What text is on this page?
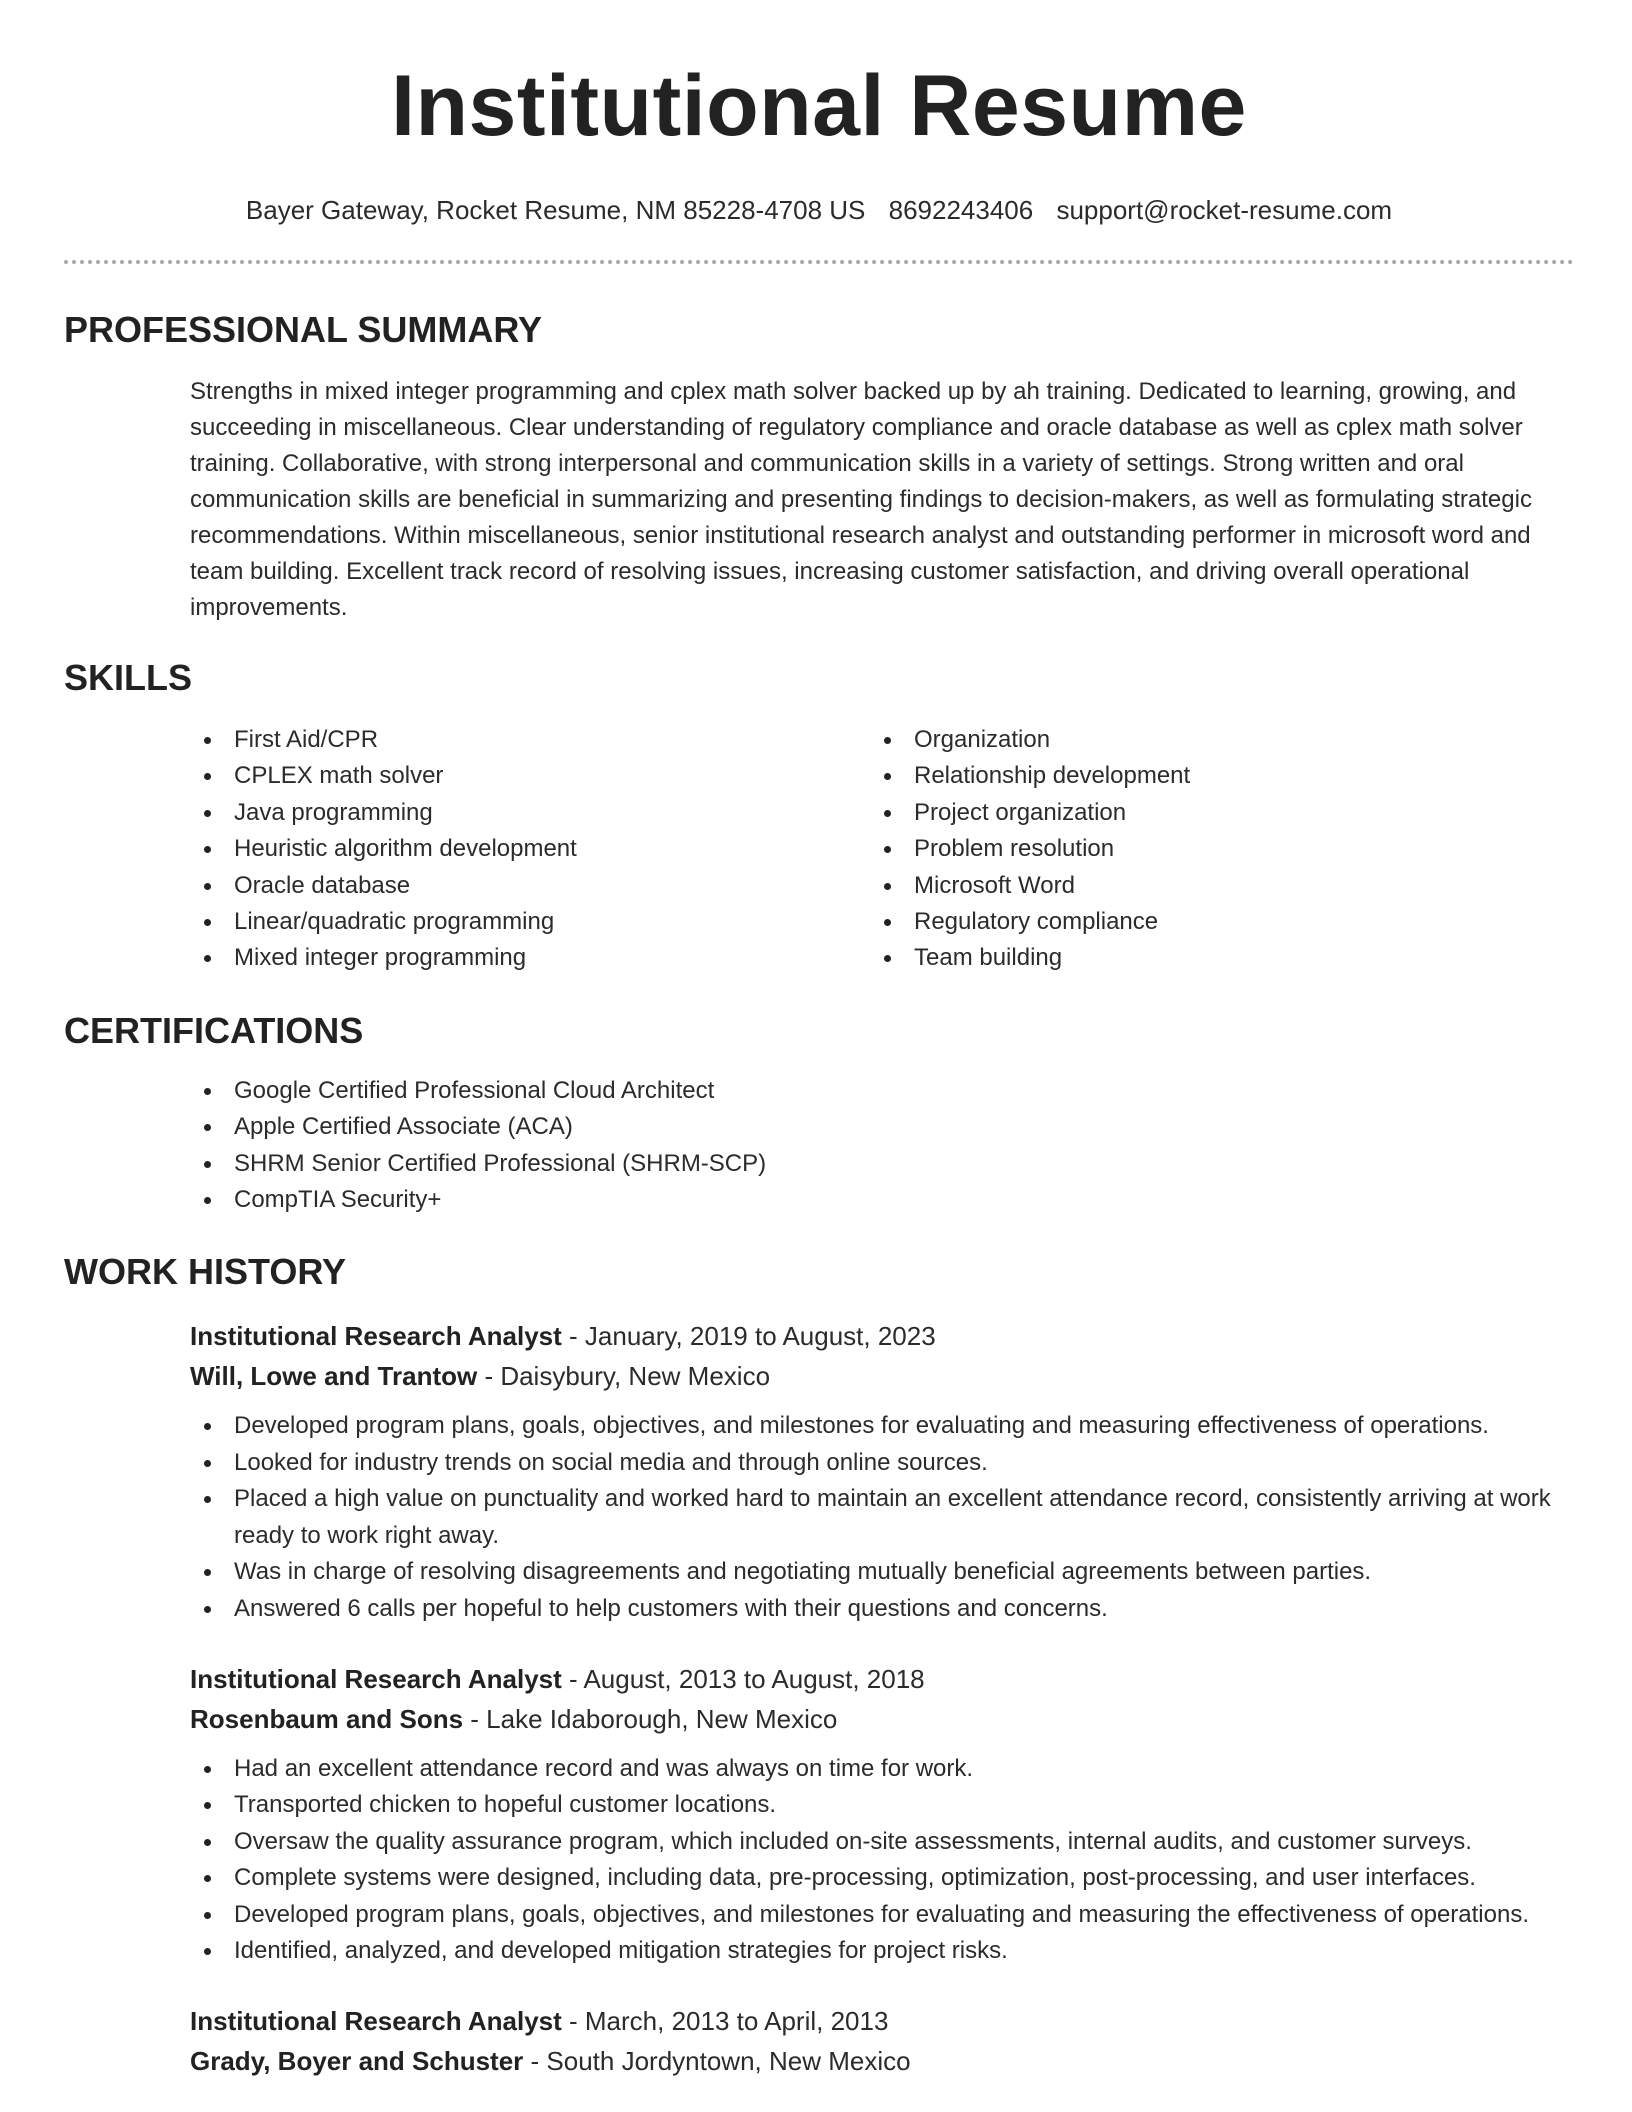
Institutional Resume
Bayer Gateway, Rocket Resume, NM 85228-4708 US 8692243406 support@rocket-resume.com
PROFESSIONAL SUMMARY

Strengths in mixed integer programming and cplex math solver backed up by ah training. Dedicated to learning, growing, and succeeding in miscellaneous. Clear understanding of regulatory compliance and oracle database as well as cplex math solver training. Collaborative, with strong interpersonal and communication skills in a variety of settings. Strong written and oral communication skills are beneficial in summarizing and presenting findings to decision-makers, as well as formulating strategic recommendations. Within miscellaneous, senior institutional research analyst and outstanding performer in microsoft word and team building. Excellent track record of resolving issues, increasing customer satisfaction, and driving overall operational improvements.

SKILLS
First Aid/CPR
CPLEX math solver
Java programming
Heuristic algorithm development
Oracle database
Linear/quadratic programming
Mixed integer programming
Organization
Relationship development
Project organization
Problem resolution
Microsoft Word
Regulatory compliance
Team building
CERTIFICATIONS
Google Certified Professional Cloud Architect
Apple Certified Associate (ACA)
SHRM Senior Certified Professional (SHRM-SCP)
CompTIA Security+
WORK HISTORY
Institutional Research Analyst - January, 2019 to August, 2023
Will, Lowe and Trantow - Daisybury, New Mexico
Developed program plans, goals, objectives, and milestones for evaluating and measuring effectiveness of operations.
Looked for industry trends on social media and through online sources.
Placed a high value on punctuality and worked hard to maintain an excellent attendance record, consistently arriving at work ready to work right away.
Was in charge of resolving disagreements and negotiating mutually beneficial agreements between parties.
Answered 6 calls per hopeful to help customers with their questions and concerns.
Institutional Research Analyst - August, 2013 to August, 2018
Rosenbaum and Sons - Lake Idaborough, New Mexico
Had an excellent attendance record and was always on time for work.
Transported chicken to hopeful customer locations.
Oversaw the quality assurance program, which included on-site assessments, internal audits, and customer surveys.
Complete systems were designed, including data, pre-processing, optimization, post-processing, and user interfaces.
Developed program plans, goals, objectives, and milestones for evaluating and measuring the effectiveness of operations.
Identified, analyzed, and developed mitigation strategies for project risks.
Institutional Research Analyst - March, 2013 to April, 2013
Grady, Boyer and Schuster - South Jordyntown, New Mexico
